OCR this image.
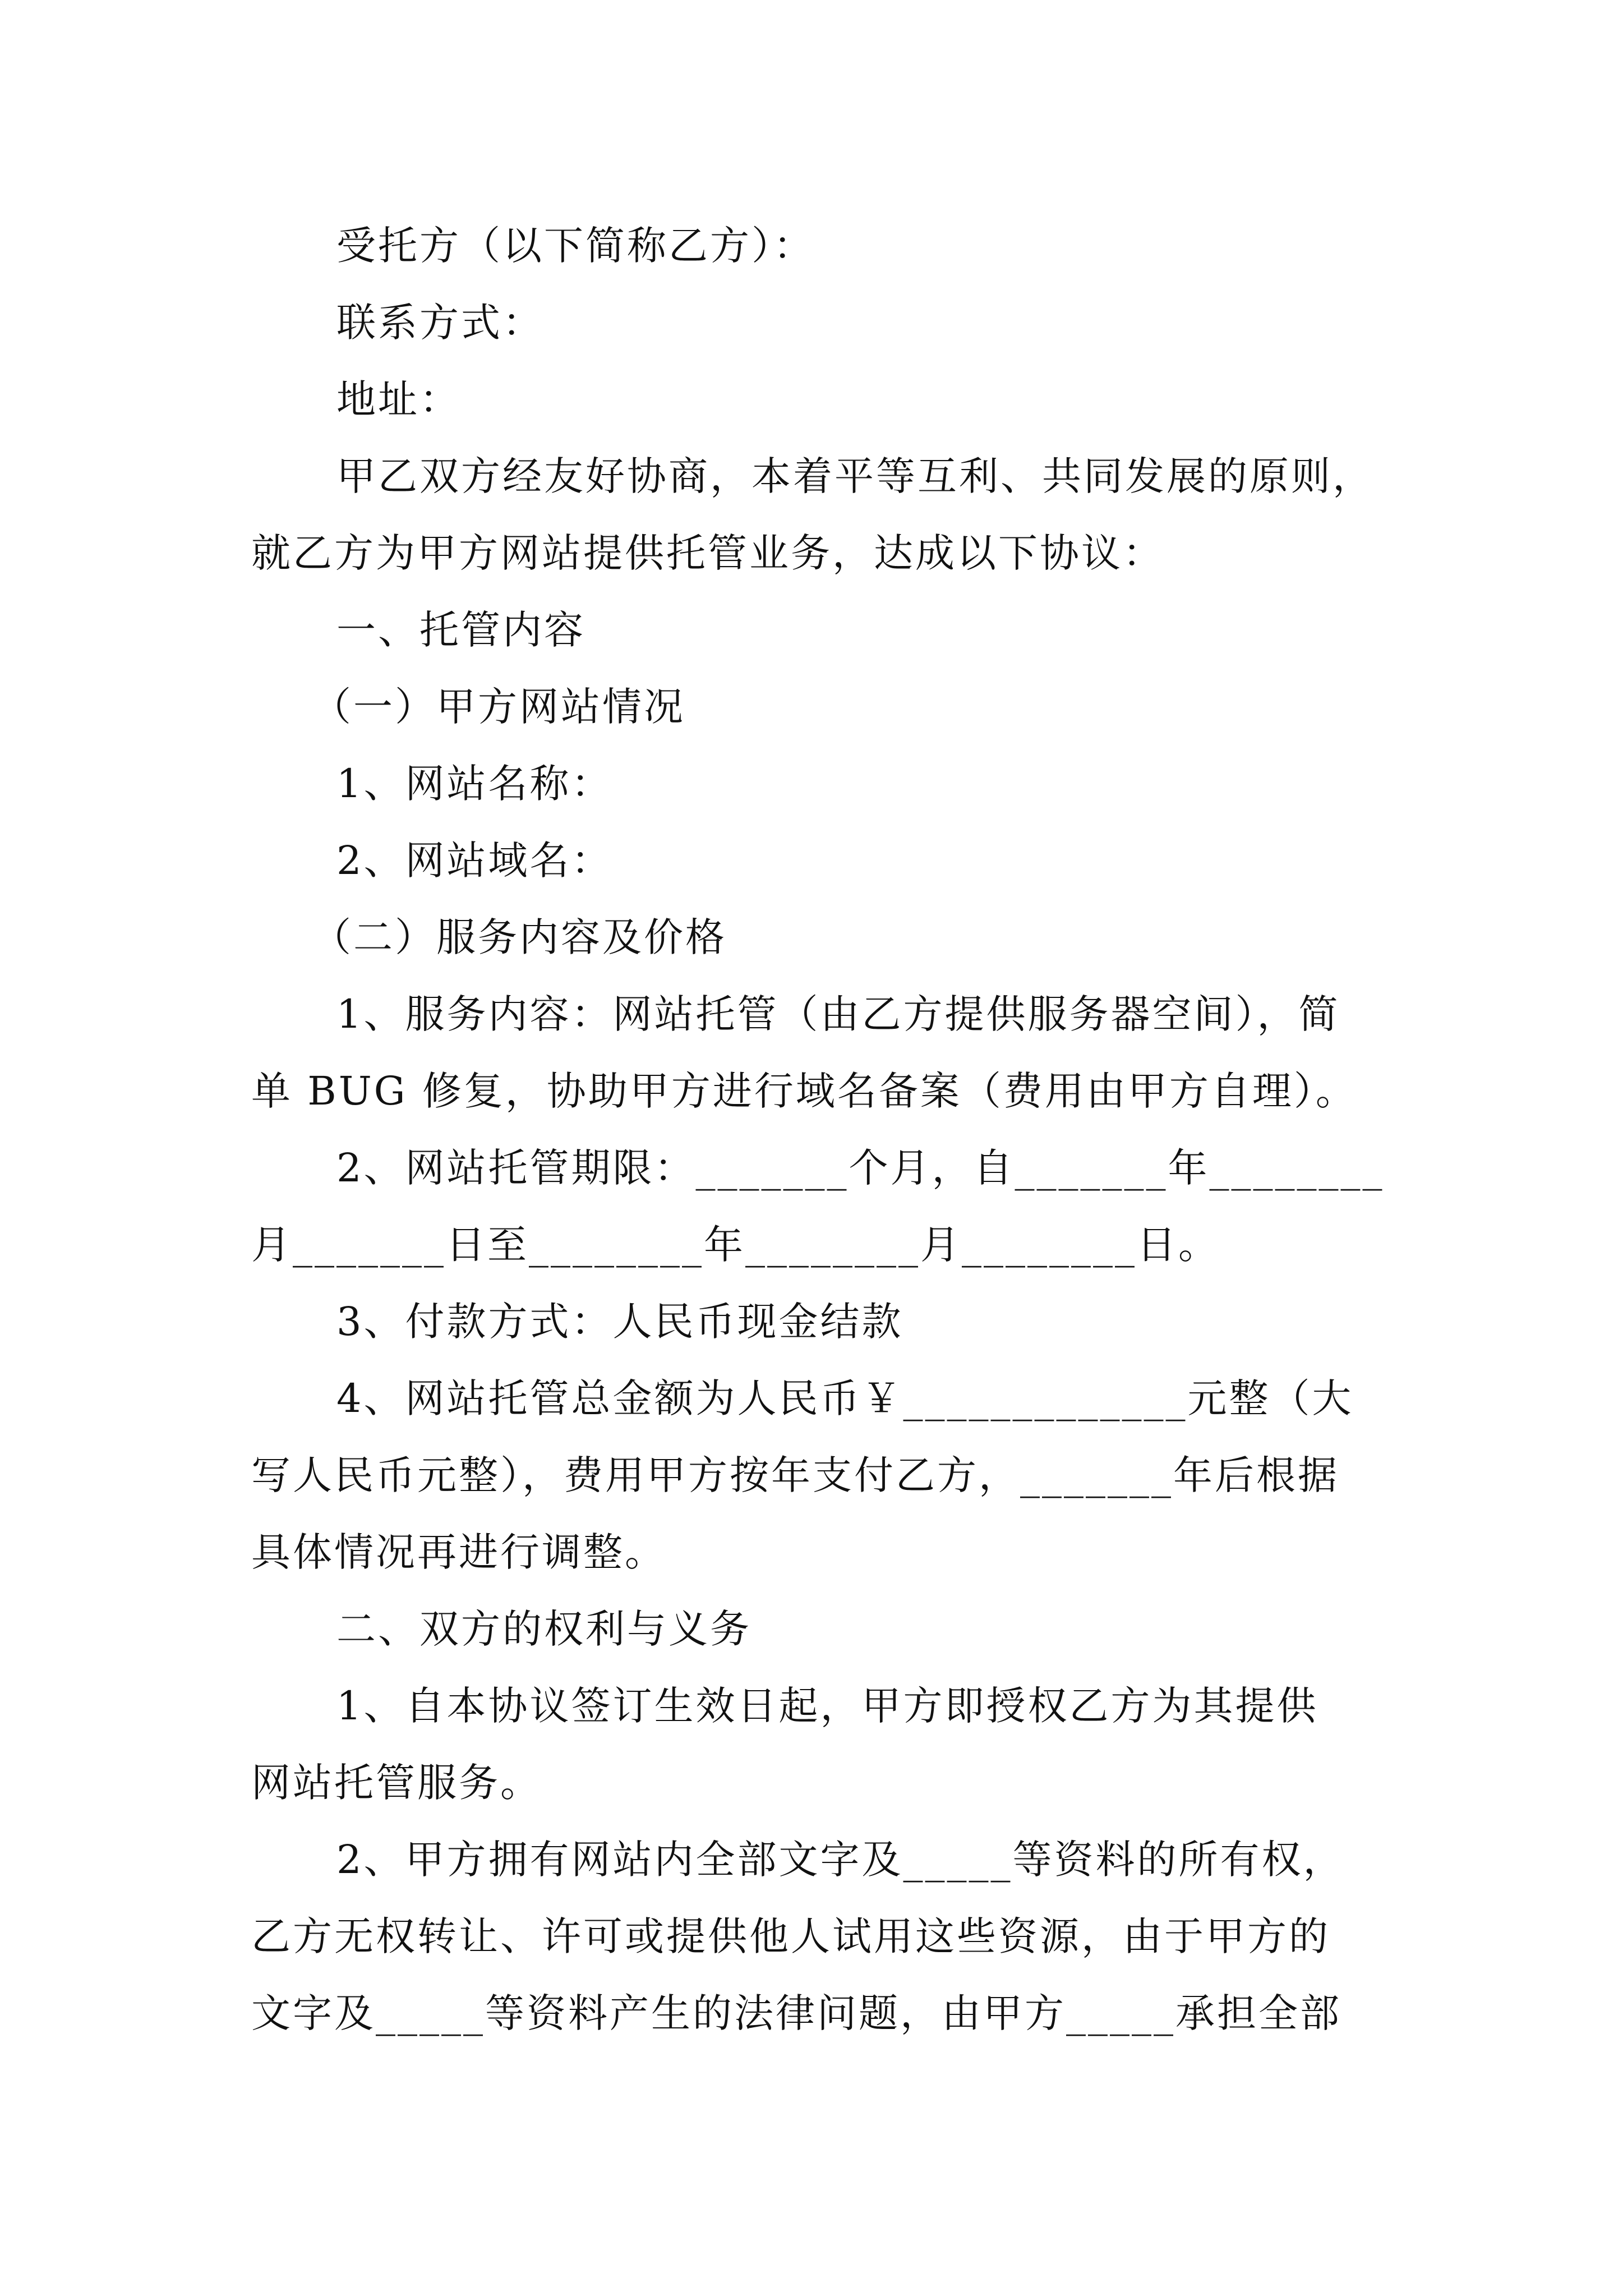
受托方（以下简称乙方）：
联系方式：
地址：
甲乙双方经友好协商，本着平等互利、共同发展的原则，
就乙方为甲方网站提供托管业务，达成以下协议：
一、托管内容
（一）甲方网站情况
1、网站名称：
2、网站域名：
（二）服务内容及价格
1、服务内容：网站托管（由乙方提供服务器空间），简
单 BUG 修复，协助甲方进行域名备案（费用由甲方自理）。
2、网站托管期限：_______个月，自_______年________
月_______日至________年________月________日。
3、付款方式：人民币现金结款
4、网站托管总金额为人民币￥_____________元整（大
写人民币元整），费用甲方按年支付乙方，_______年后根据
具体情况再进行调整。
二、双方的权利与义务
1、自本协议签订生效日起，甲方即授权乙方为其提供
网站托管服务。
2、甲方拥有网站内全部文字及_____等资料的所有权，
乙方无权转让、许可或提供他人试用这些资源，由于甲方的
文字及_____等资料产生的法律问题，由甲方_____承担全部
